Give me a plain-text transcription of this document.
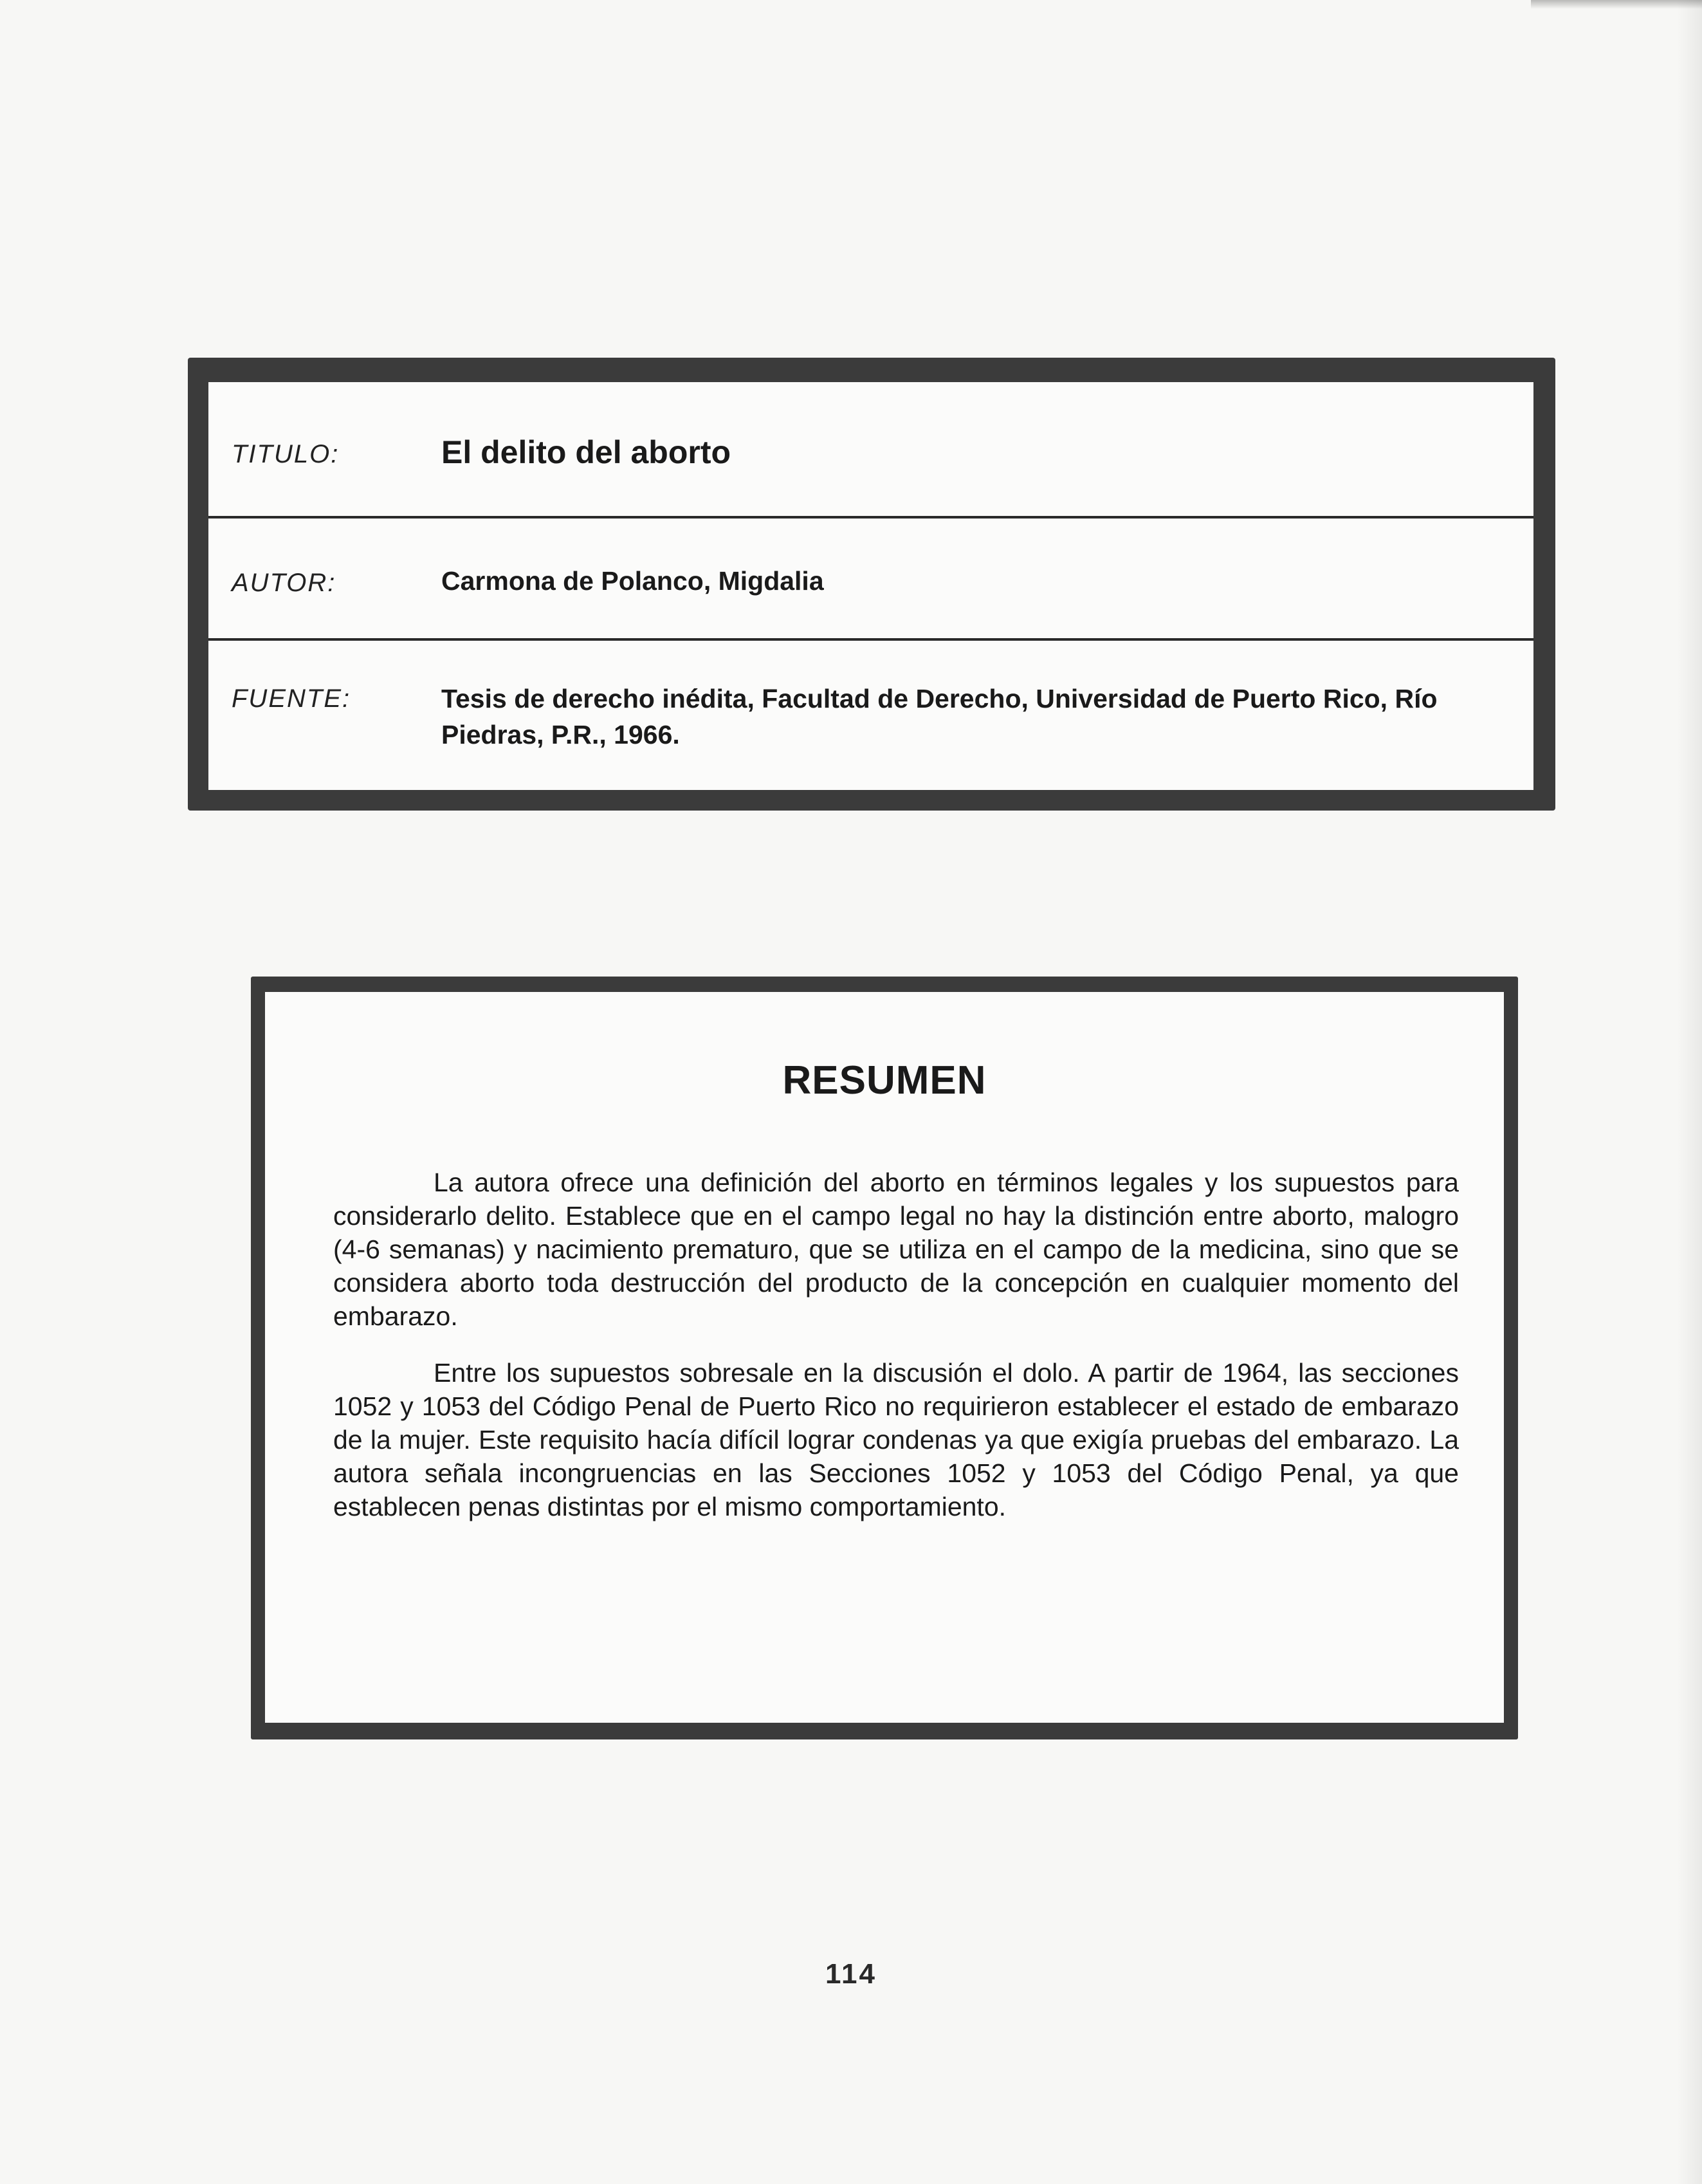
TITULO:	El delito del aborto
AUTOR:	Carmona de Polanco, Migdalia
FUENTE:	Tesis de derecho inédita, Facultad de Derecho, Universidad de Puerto Rico, Río Piedras, P.R., 1966.
RESUMEN

La autora ofrece una definición del aborto en términos legales y los supuestos para considerarlo delito. Establece que en el campo legal no hay la distinción entre aborto, malogro (4-6 semanas) y nacimiento prematuro, que se utiliza en el campo de la medicina, sino que se considera aborto toda destrucción del producto de la concepción en cualquier momento del embarazo.

Entre los supuestos sobresale en la discusión el dolo. A partir de 1964, las secciones 1052 y 1053 del Código Penal de Puerto Rico no requirieron establecer el estado de embarazo de la mujer. Este requisito hacía difícil lograr condenas ya que exigía pruebas del embarazo. La autora señala incongruencias en las Secciones 1052 y 1053 del Código Penal, ya que establecen penas distintas por el mismo comportamiento.

114
